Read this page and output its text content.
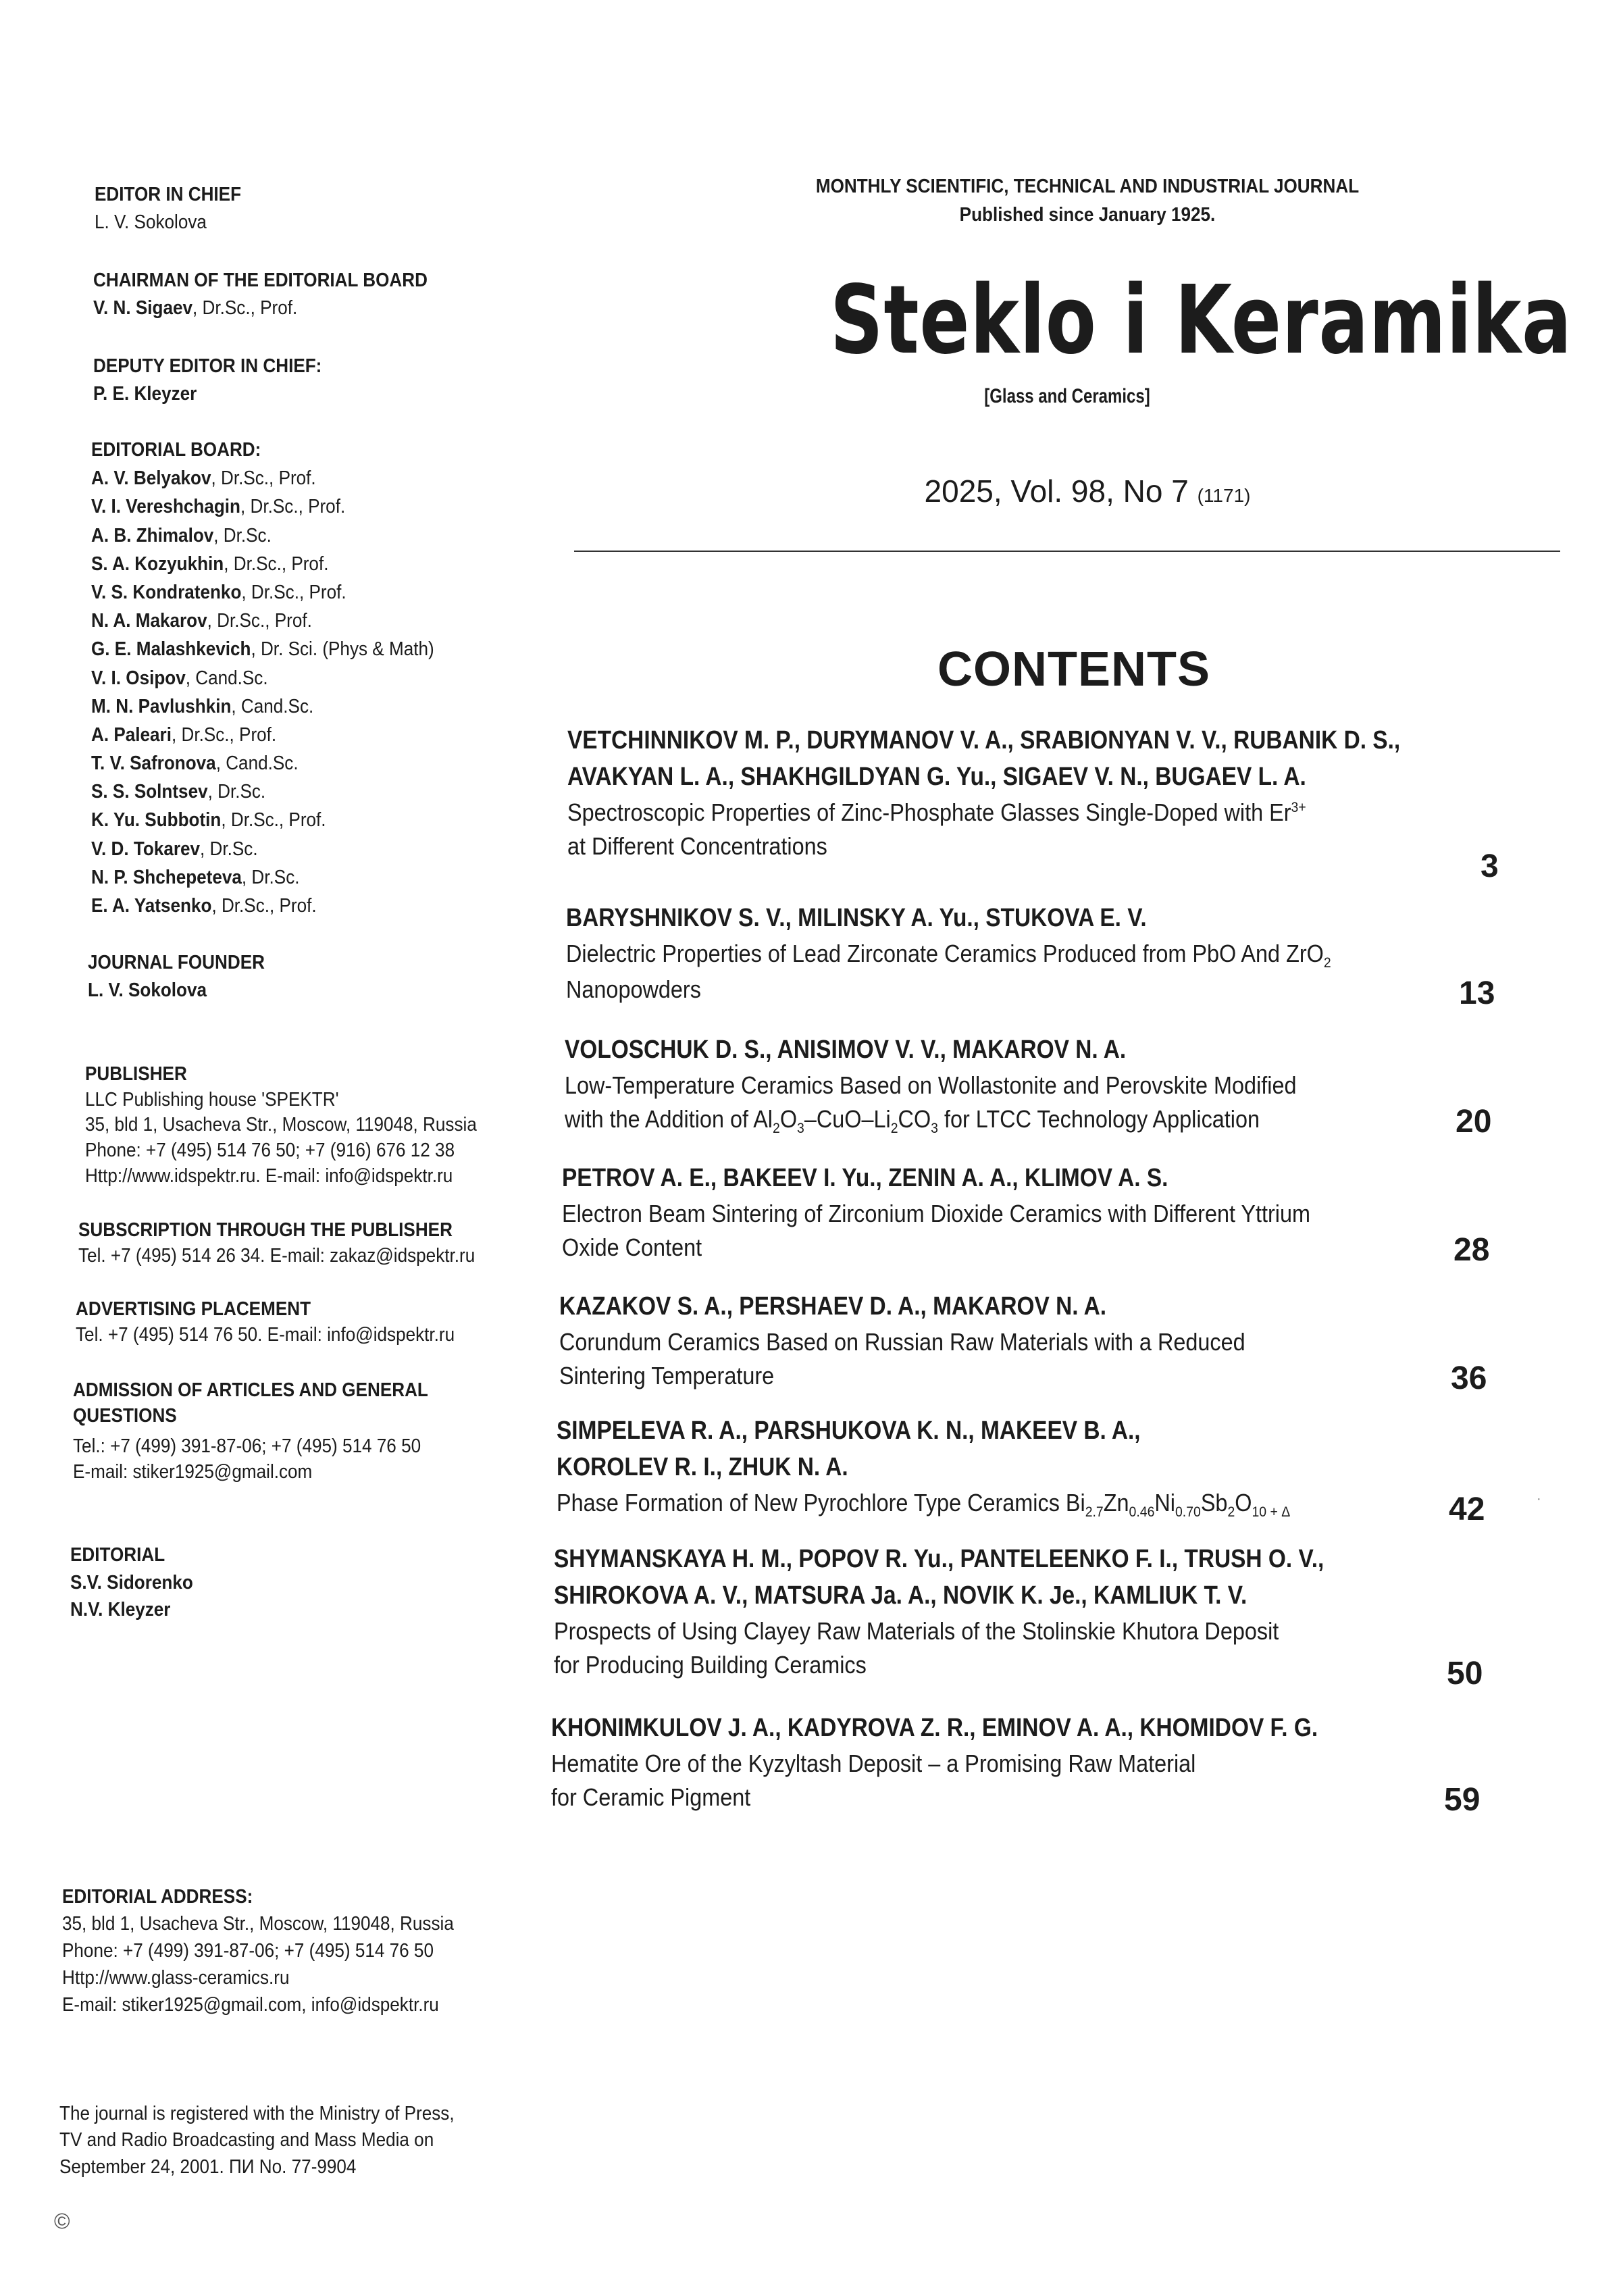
EDITOR IN CHIEF
L. V. Sokolova
CHAIRMAN OF THE EDITORIAL BOARD
V. N. Sigaev, Dr.Sc., Prof.
DEPUTY EDITOR IN CHIEF:
P. E. Kleyzer
EDITORIAL BOARD:
A. V. Belyakov, Dr.Sc., Prof.
V. I. Vereshchagin, Dr.Sc., Prof.
A. B. Zhimalov, Dr.Sc.
S. A. Kozyukhin, Dr.Sc., Prof.
V. S. Kondratenko, Dr.Sc., Prof.
N. A. Makarov, Dr.Sc., Prof.
G. E. Malashkevich, Dr. Sci. (Phys & Math)
V. I. Osipov, Cand.Sc.
M. N. Pavlushkin, Cand.Sc.
A. Paleari, Dr.Sc., Prof.
T. V. Safronova, Cand.Sc.
S. S. Solntsev, Dr.Sc.
K. Yu. Subbotin, Dr.Sc., Prof.
V. D. Tokarev, Dr.Sc.
N. P. Shchepeteva, Dr.Sc.
E. A. Yatsenko, Dr.Sc., Prof.
JOURNAL FOUNDER
L. V. Sokolova
PUBLISHER
LLC Publishing house 'SPEKTR'
35, bld 1, Usacheva Str., Moscow, 119048, Russia
Phone: +7 (495) 514 76 50; +7 (916) 676 12 38
Http://www.idspektr.ru. E-mail: info@idspektr.ru
SUBSCRIPTION THROUGH THE PUBLISHER
Tel. +7 (495) 514 26 34. E-mail: zakaz@idspektr.ru
ADVERTISING PLACEMENT
Tel. +7 (495) 514 76 50. E-mail: info@idspektr.ru
ADMISSION OF ARTICLES AND GENERAL
QUESTIONS
Tel.: +7 (499) 391-87-06; +7 (495) 514 76 50
E-mail: stiker1925@gmail.com
EDITORIAL
S.V. Sidorenko
N.V. Kleyzer
EDITORIAL ADDRESS:
35, bld 1, Usacheva Str., Moscow, 119048, Russia
Phone: +7 (499) 391-87-06; +7 (495) 514 76 50
Http://www.glass-ceramics.ru
E-mail: stiker1925@gmail.com, info@idspektr.ru
The journal is registered with the Ministry of Press,
TV and Radio Broadcasting and Mass Media on
September 24, 2001. ПИ No. 77-9904
MONTHLY SCIENTIFIC, TECHNICAL AND INDUSTRIAL JOURNAL
Published since January 1925.
Steklo i Keramika
[Glass and Ceramics]
2025, Vol. 98, No 7 (1171)
CONTENTS
VETCHINNIKOV M. P., DURYMANOV V. A., SRABIONYAN V. V., RUBANIK D. S.,
AVAKYAN L. A., SHAKHGILDYAN G. Yu., SIGAEV V. N., BUGAEV L. A.
Spectroscopic Properties of Zinc-Phosphate Glasses Single-Doped with $Er^{3+}$
at Different Concentrations
3
BARYSHNIKOV S. V., MILINSKY A. Yu., STUKOVA E. V.
Dielectric Properties of Lead Zirconate Ceramics Produced from PbO And ZrO$_2$
Nanopowders	13
VOLOSCHUK D. S., ANISIMOV V. V., MAKAROV N. A.
Low-Temperature Ceramics Based on Wollastonite and Perovskite Modified
with the Addition of $Al_2O_3-CuO-Li_2CO_3$ for LTCC Technology Application	20
PETROV A. E., BAKEEV I. Yu., ZENIN A. A., KLIMOV A. S.
Electron Beam Sintering of Zirconium Dioxide Ceramics with Different Yttrium
Oxide Content	28
KAZAKOV S. A., PERSHAEV D. A., MAKAROV N. A.
Corundum Ceramics Based on Russian Raw Materials with a Reduced
Sintering Temperature	36
SIMPELEVA R. A., PARSHUKOVA K. N., MAKEEV B. A.,
KOROLEV R. I., ZHUK N. A.
Phase Formation of New Pyrochlore Type Ceramics $Bi_{2.7}Zn_{0.46}Ni_{0.70}Sb_2O_{10 + \Delta}$	42
SHYMANSKAYA H. M., POPOV R. Yu., PANTELEENKO F. I., TRUSH O. V.,
SHIROKOVA A. V., MATSURA Ja. A., NOVIK K. Je., KAMLIUK T. V.
Prospects of Using Clayey Raw Materials of the Stolinskie Khutora Deposit
for Producing Building Ceramics	50
KHONIMKULOV J. A., KADYROVA Z. R., EMINOV A. A., KHOMIDOV F. G.
Hematite Ore of the Kyzyltash Deposit – a Promising Raw Material
for Ceramic Pigment	59
©
·
